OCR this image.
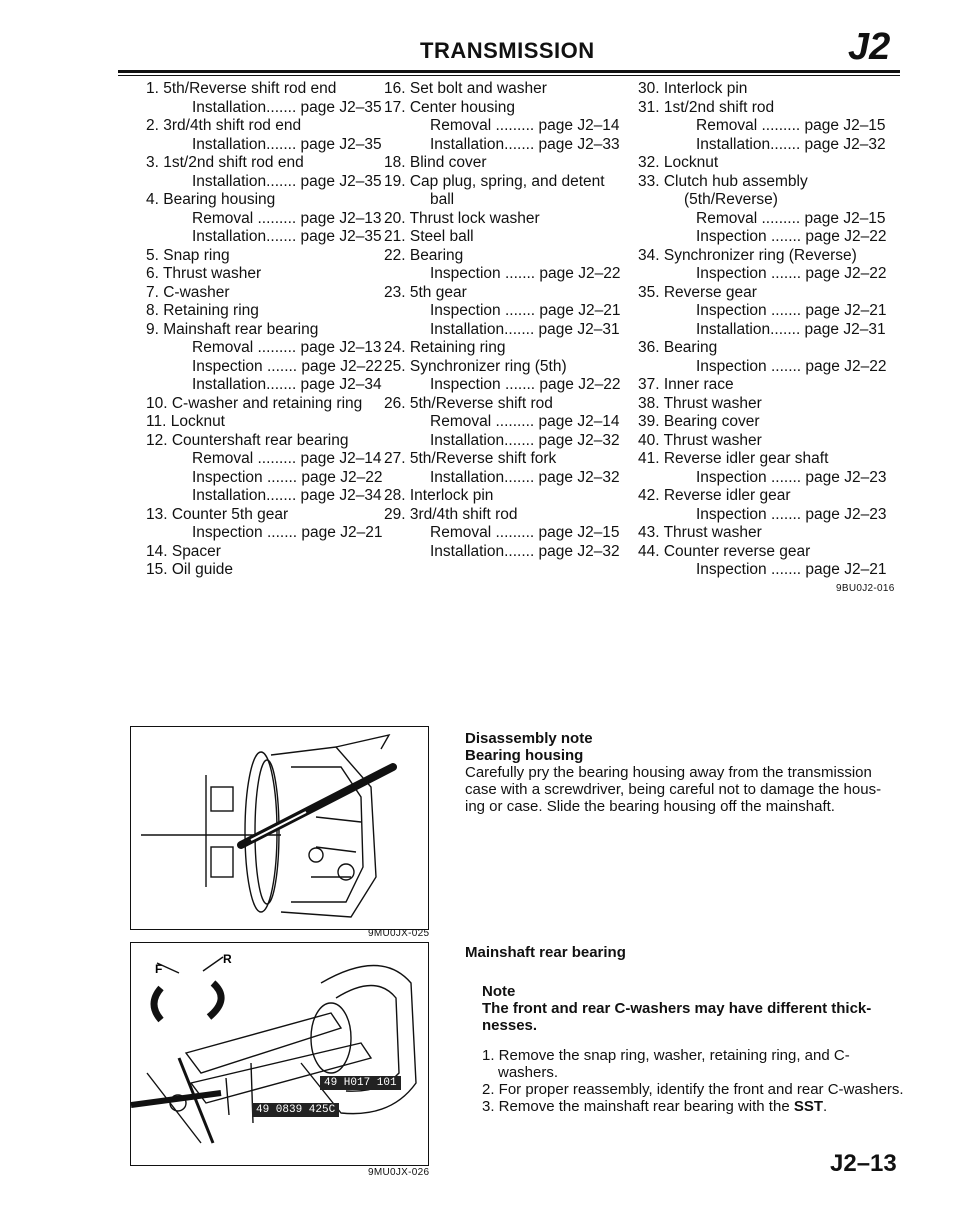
TRANSMISSION	J2
1. 5th/Reverse shift rod end
Installation....... page J2–35
2. 3rd/4th shift rod end
Installation....... page J2–35
3. 1st/2nd shift rod end
Installation....... page J2–35
4. Bearing housing
Removal ......... page J2–13
Installation....... page J2–35
5. Snap ring
6. Thrust washer
7. C-washer
8. Retaining ring
9. Mainshaft rear bearing
Removal ......... page J2–13
Inspection ....... page J2–22
Installation....... page J2–34
10. C-washer and retaining ring
11. Locknut
12. Countershaft rear bearing
Removal ......... page J2–14
Inspection ....... page J2–22
Installation....... page J2–34
13. Counter 5th gear
Inspection ....... page J2–21
14. Spacer
15. Oil guide
16. Set bolt and washer
17. Center housing
Removal ......... page J2–14
Installation....... page J2–33
18. Blind cover
19. Cap plug, spring, and detent
ball
20. Thrust lock washer
21. Steel ball
22. Bearing
Inspection ....... page J2–22
23. 5th gear
Inspection ....... page J2–21
Installation....... page J2–31
24. Retaining ring
25. Synchronizer ring (5th)
Inspection ....... page J2–22
26. 5th/Reverse shift rod
Removal ......... page J2–14
Installation....... page J2–32
27. 5th/Reverse shift fork
Installation....... page J2–32
28. Interlock pin
29. 3rd/4th shift rod
Removal ......... page J2–15
Installation....... page J2–32
30. Interlock pin
31. 1st/2nd shift rod
Removal ......... page J2–15
Installation....... page J2–32
32. Locknut
33. Clutch hub assembly
(5th/Reverse)
Removal ......... page J2–15
Inspection ....... page J2–22
34. Synchronizer ring (Reverse)
Inspection ....... page J2–22
35. Reverse gear
Inspection ....... page J2–21
Installation....... page J2–31
36. Bearing
Inspection ....... page J2–22
37. Inner race
38. Thrust washer
39. Bearing cover
40. Thrust washer
41. Reverse idler gear shaft
Inspection ....... page J2–23
42. Reverse idler gear
Inspection ....... page J2–23
43. Thrust washer
44. Counter reverse gear
Inspection ....... page J2–21
9BU0J2-016
9MU0JX-025
F
R
49 H017 101
49 0839 425C
9MU0JX-026
Disassembly note
Bearing housing
Carefully pry the bearing housing away from the transmission
case with a screwdriver, being careful not to damage the hous-
ing or case. Slide the bearing housing off the mainshaft.
Mainshaft rear bearing
Note
The front and rear C-washers may have different thick-
nesses.
1. Remove the snap ring, washer, retaining ring, and C-
washers.
2. For proper reassembly, identify the front and rear C-washers.
3. Remove the mainshaft rear bearing with the SST.
J2–13
